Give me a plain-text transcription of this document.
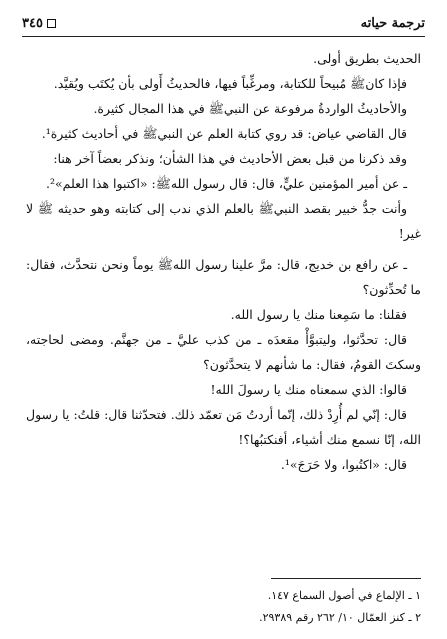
ترجمة حياته
٣٤٥

الحديث بطريق أولى.

فإذا كانﷺ مُبيحاً للكتابة، ومرغِّباً فيها، فالحديثُ أَولى بأن يُكتَب ويُقيَّد.

والأحاديثُ الواردةُ مرفوعة عن النبيﷺ في هذا المجال كثيرة.

قال القاضي عياض: قد روي كتابة العلم عن النبيﷺ في أحاديث كثيرة¹.

وقد ذكرنا من قبل بعض الأحاديث في هذا الشأن؛ ونذكر بعضاً آخر هنا:

ـ عن أمير المؤمنين عليٍّ، قال: قال رسول اللهﷺ: «اكتبوا هذا العلم»².

وأنت جدُّ خبير بقصد النبيﷺ بالعلم الذي ندب إلى كتابته وهو حديثه ﷺ لا غير!

ـ عن رافع بن خديج، قال: مرَّ علينا رسول اللهﷺ يوماً ونحن نتحدَّث، فقال: ما تُحدِّثون؟

فقلنا: ما سَمِعنا منك يا رسول الله.

قال: تحدَّثوا، وليتبوَّأْ مقعدَه ـ من كذب عليَّ ـ من جهنَّم. ومضى لحاجته، وسكتَ القومُ، فقال: ما شأنهم لا يتحدَّثون؟

قالوا: الذي سمعناه منك يا رسولَ الله!

قال: إنّي لم أُرِدْ ذلك، إنّما أردتُ مَن تعمّد ذلك. فتحدّثنا قال: قلتُ: يا رسول الله، إنّا نسمع منك أشياء، أفنكتبُها؟!

قال: «اكتُبوا، ولا حَرَجَ»¹.

١ ـ الإلماع في أصول السماع ١٤٧.
٢ ـ كنز العمّال ١٠/ ٢٦٢ رقم ٢٩٣٨٩.
